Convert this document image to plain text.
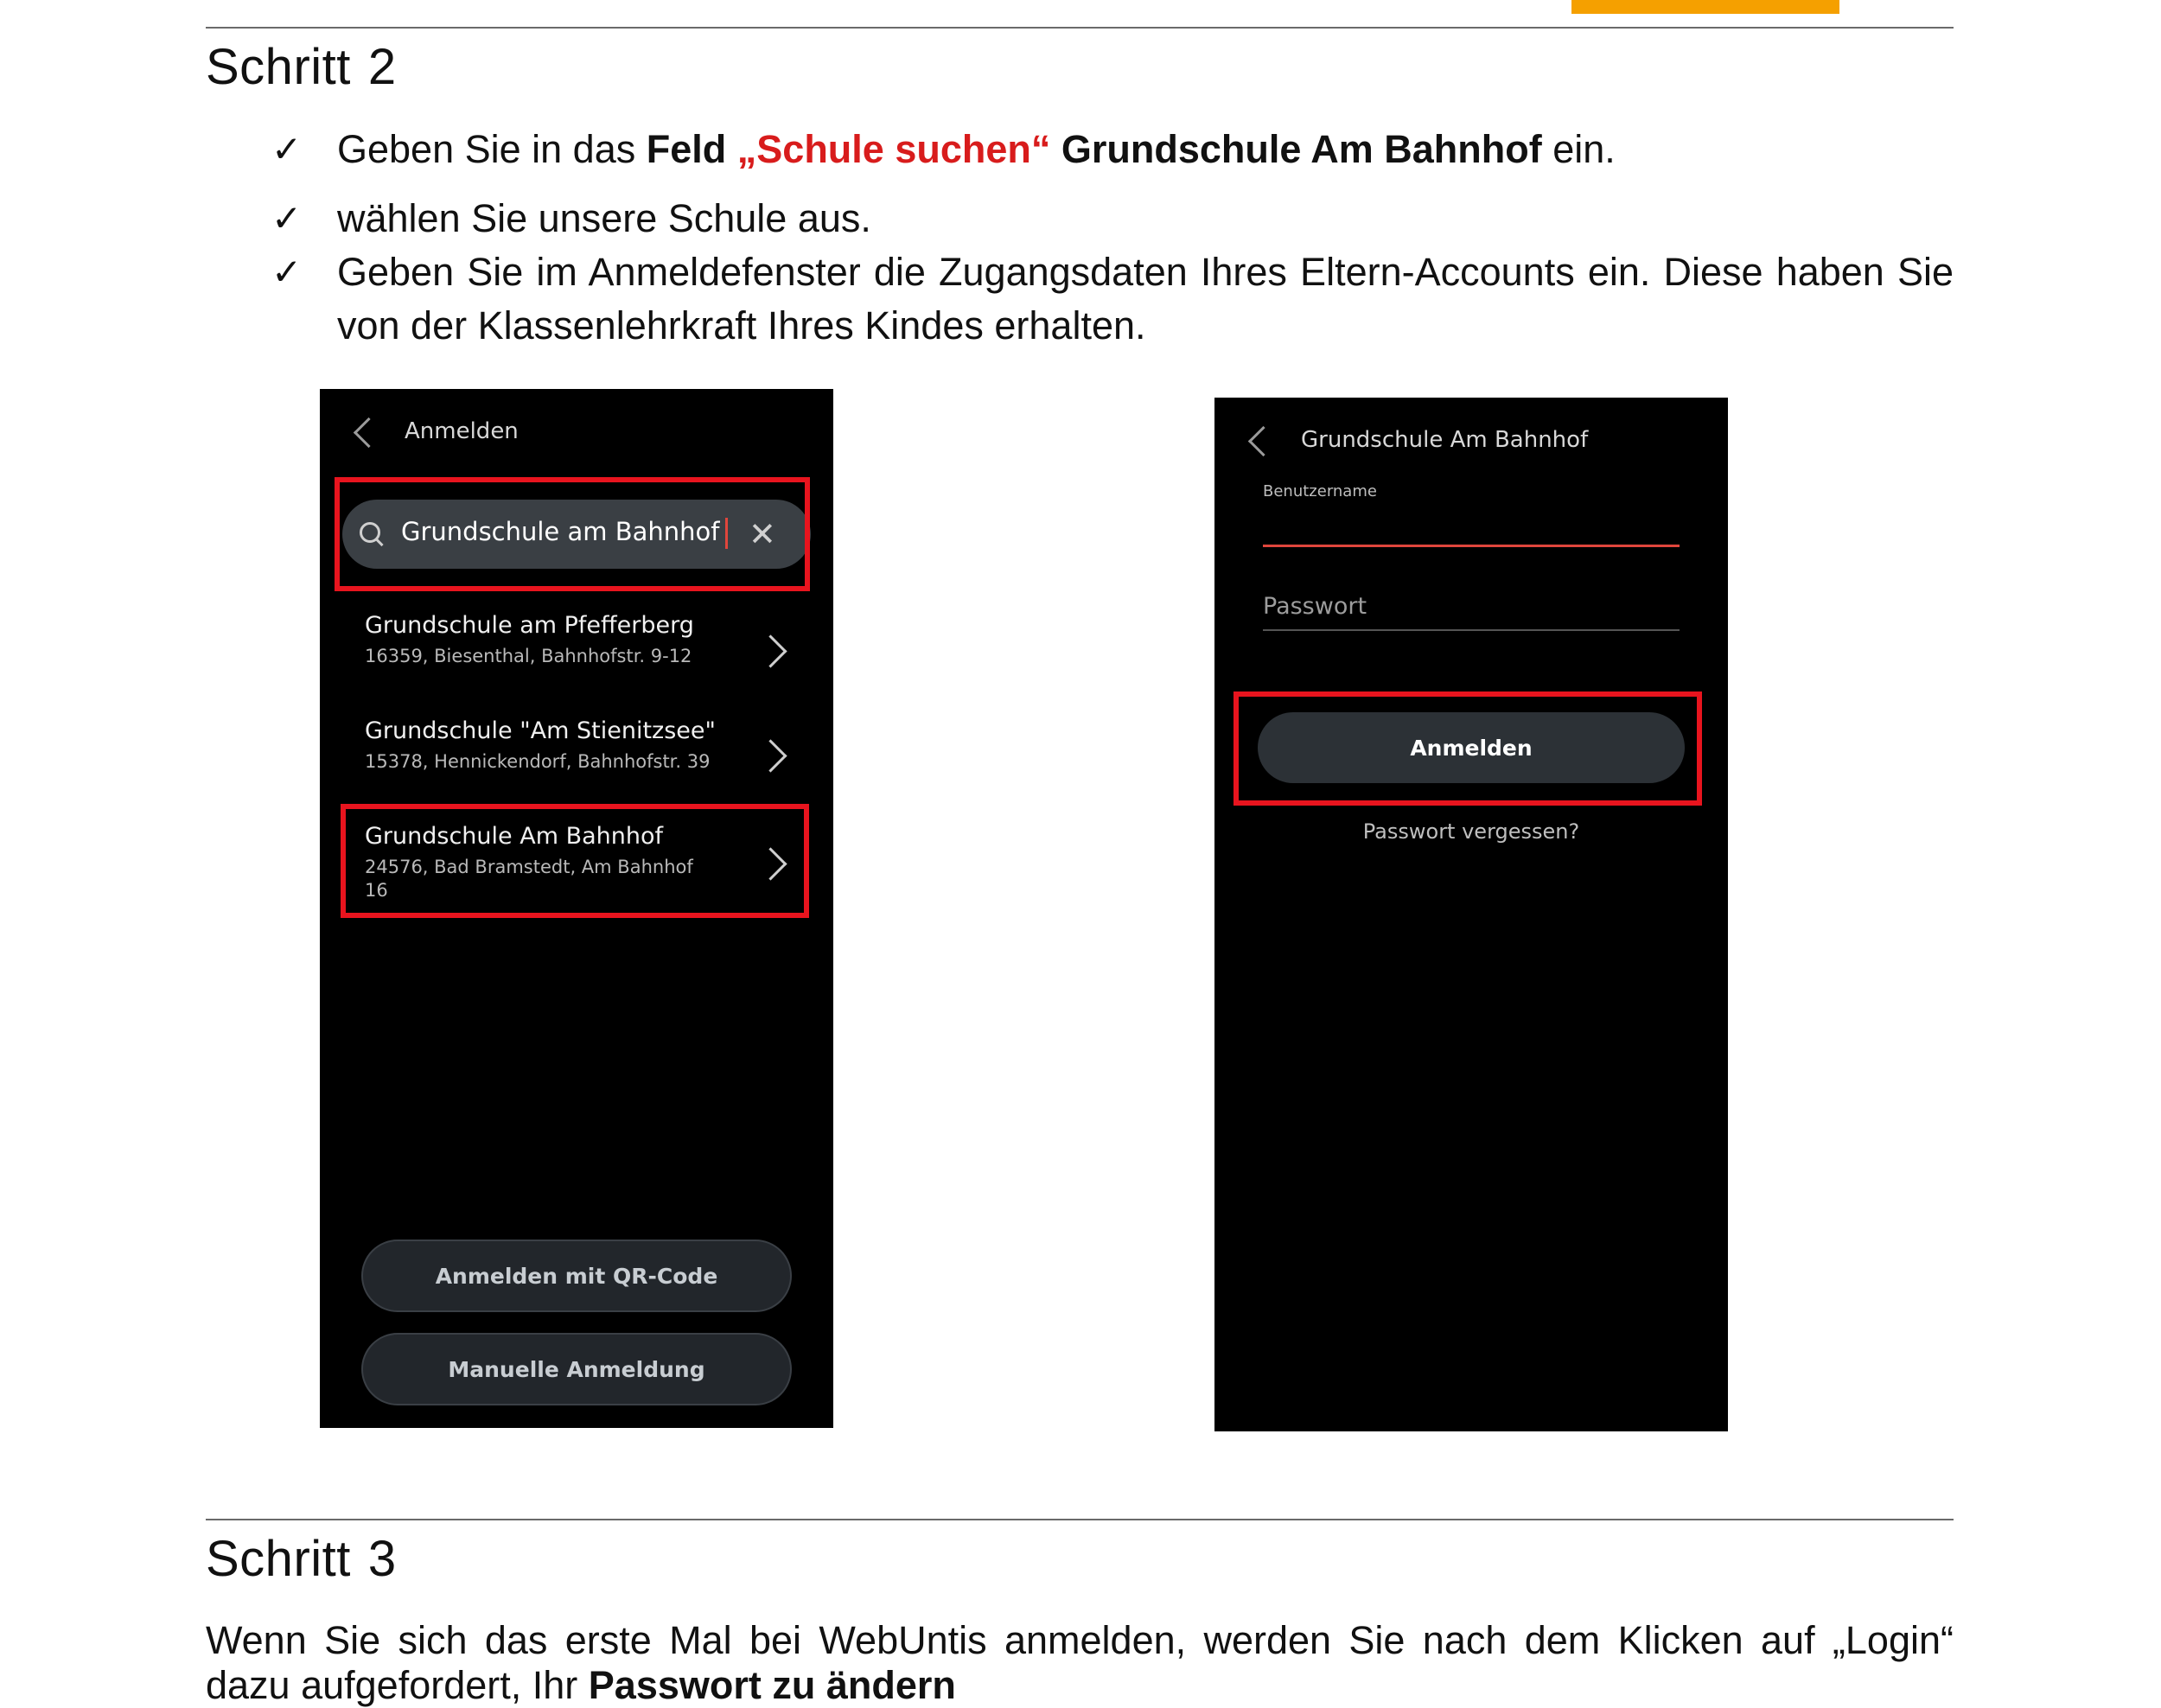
Schritt 2
✓ Geben Sie in das Feld „Schule suchen“ Grundschule Am Bahnhof ein.
✓ wählen Sie unsere Schule aus.
✓ Geben Sie im Anmeldefenster die Zugangsdaten Ihres Eltern-Accounts ein. Diese haben Sie von der Klassenlehrkraft Ihres Kindes erhalten.
Anmelden
Grundschule am Bahnhof ✕
Grundschule am Pfefferberg
16359, Biesenthal, Bahnhofstr. 9-12
Grundschule "Am Stienitzsee"
15378, Hennickendorf, Bahnhofstr. 39
Grundschule Am Bahnhof
24576, Bad Bramstedt, Am Bahnhof 16
Anmelden mit QR-Code
Manuelle Anmeldung
Grundschule Am Bahnhof
Benutzername
Passwort
Anmelden
Passwort vergessen?
Schritt 3
Wenn Sie sich das erste Mal bei WebUntis anmelden, werden Sie nach dem Klicken auf „Login“
dazu aufgefordert, Ihr Passwort zu ändern
